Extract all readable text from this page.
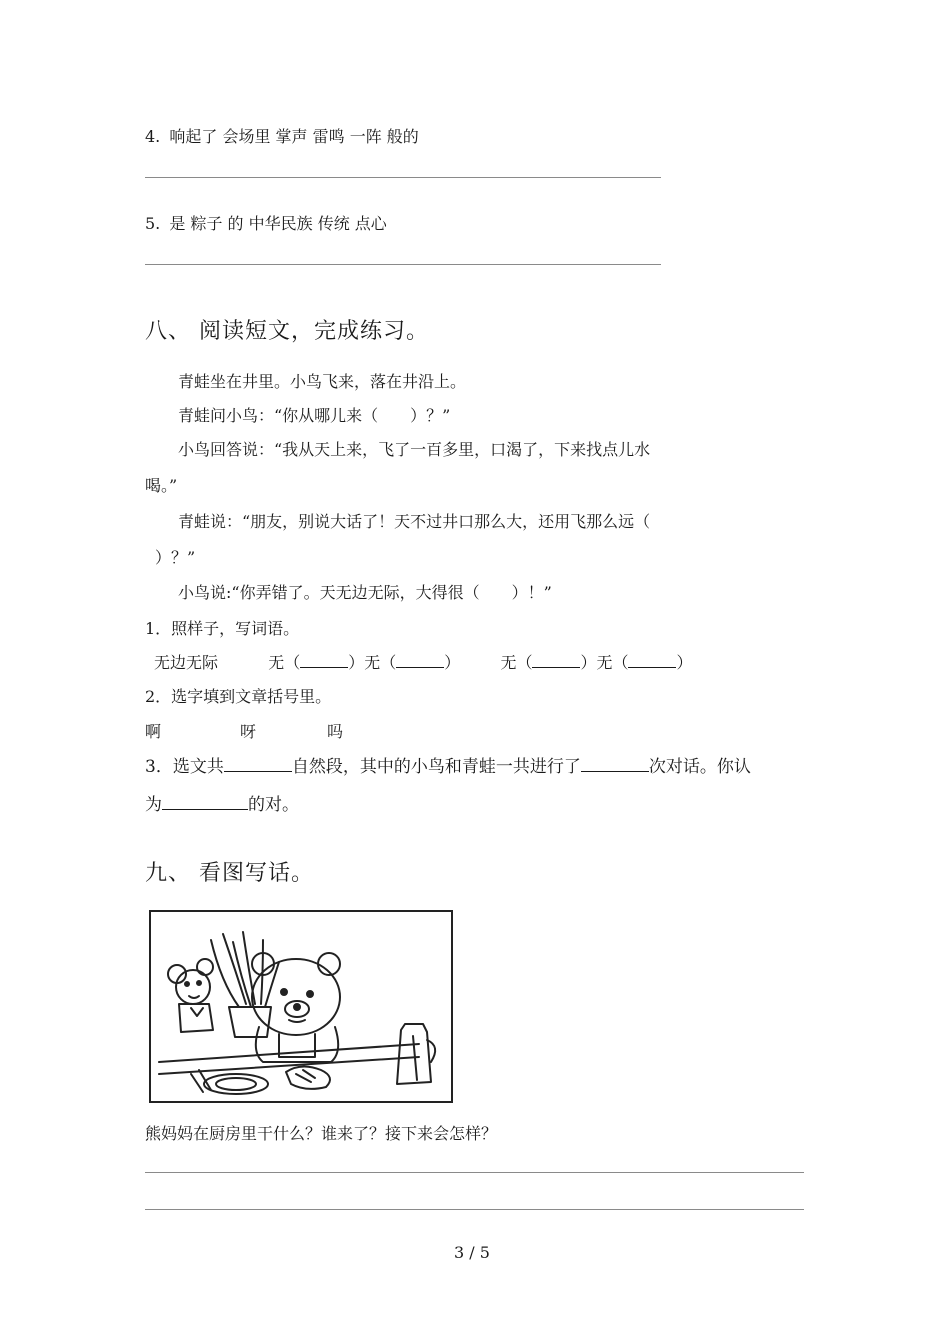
4. 响起了 会场里 掌声 雷鸣 一阵 般的
5. 是 粽子 的 中华民族 传统 点心
八、 阅读短文，完成练习。
青蛙坐在井里。小鸟飞来，落在井沿上。
青蛙问小鸟：“你从哪儿来（　　）？”
小鸟回答说：“我从天上来，飞了一百多里，口渴了，下来找点儿水
喝。”
青蛙说：“朋友，别说大话了！天不过井口那么大，还用飞那么远（
）？”
小鸟说:“你弄错了。天无边无际，大得很（　　）！”
1．照样子，写词语。
无边无际	无（	）无（	）	无（	）无（	）
2．选字填到文章括号里。
啊	呀	吗
3．选文共	自然段，其中的小鸟和青蛙一共进行了	次对话。你认
为	的对。
九、 看图写话。
熊妈妈在厨房里干什么？谁来了？接下来会怎样？
3 / 5
